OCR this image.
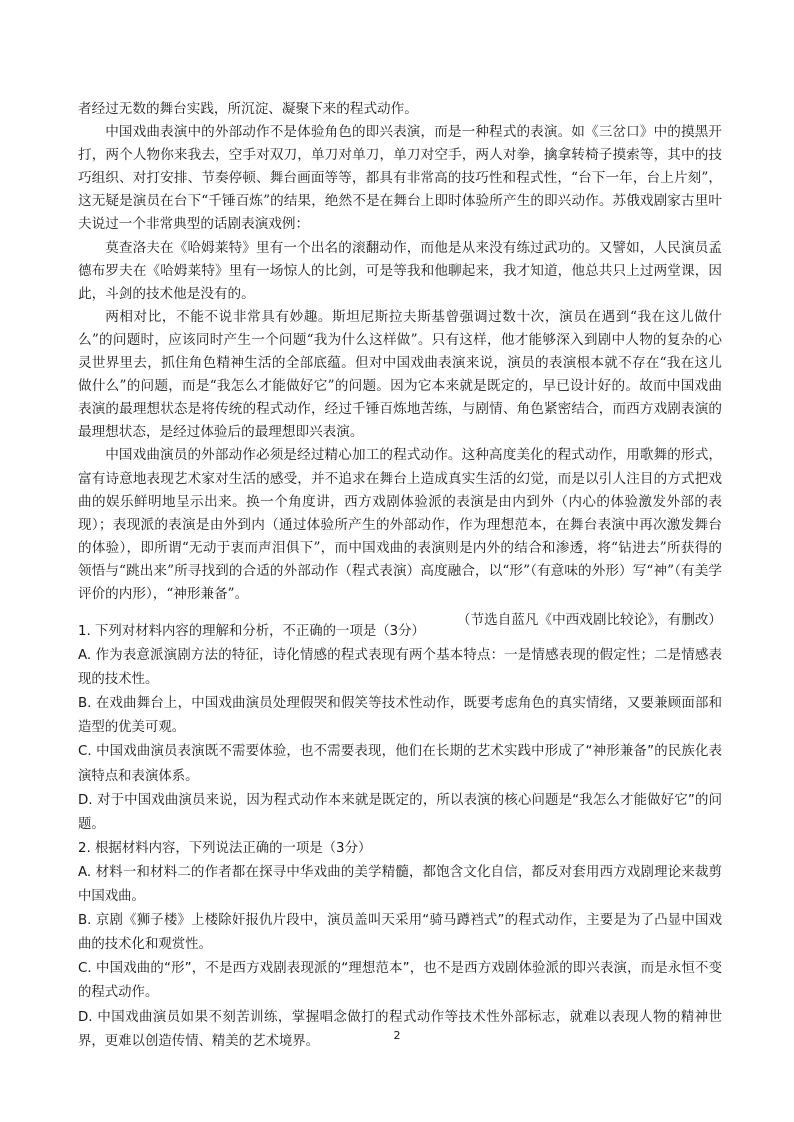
者经过无数的舞台实践，所沉淀、凝聚下来的程式动作。

中国戏曲表演中的外部动作不是体验角色的即兴表演，而是一种程式的表演。如《三岔口》中的摸黑开打，两个人物你来我去，空手对双刀，单刀对单刀，单刀对空手，两人对拳，擒拿转椅子摸索等，其中的技巧组织、对打安排、节奏停顿、舞台画面等等，都具有非常高的技巧性和程式性，“台下一年，台上片刻”，这无疑是演员在台下“千锤百炼”的结果，绝然不是在舞台上即时体验所产生的即兴动作。苏俄戏剧家古里叶夫说过一个非常典型的话剧表演戏例：

莫查洛夫在《哈姆莱特》里有一个出名的滚翻动作，而他是从来没有练过武功的。又譬如，人民演员孟德布罗夫在《哈姆莱特》里有一场惊人的比剑，可是等我和他聊起来，我才知道，他总共只上过两堂课，因此，斗剑的技术他是没有的。

两相对比，不能不说非常具有妙趣。斯坦尼斯拉夫斯基曾强调过数十次，演员在遇到“我在这儿做什么”的问题时，应该同时产生一个问题“我为什么这样做”。只有这样，他才能够深入到剧中人物的复杂的心灵世界里去，抓住角色精神生活的全部底蕴。但对中国戏曲表演来说，演员的表演根本就不存在“我在这儿做什么”的问题，而是“我怎么才能做好它”的问题。因为它本来就是既定的，早已设计好的。故而中国戏曲表演的最理想状态是将传统的程式动作，经过千锤百炼地苦练，与剧情、角色紧密结合，而西方戏剧表演的最理想状态，是经过体验后的最理想即兴表演。

中国戏曲演员的外部动作必须是经过精心加工的程式动作。这种高度美化的程式动作，用歌舞的形式，富有诗意地表现艺术家对生活的感受，并不追求在舞台上造成真实生活的幻觉，而是以引人注目的方式把戏曲的娱乐鲜明地呈示出来。换一个角度讲，西方戏剧体验派的表演是由内到外（内心的体验激发外部的表现）；表现派的表演是由外到内（通过体验所产生的外部动作，作为理想范本，在舞台表演中再次激发舞台的体验），即所谓“无动于衷而声泪俱下”，而中国戏曲的表演则是内外的结合和渗透，将“钻进去”所获得的领悟与“跳出来”所寻找到的合适的外部动作（程式表演）高度融合，以“形”（有意味的外形）写“神”（有美学评价的内形），“神形兼备”。

（节选自蓝凡《中西戏剧比较论》，有删改）

1. 下列对材料内容的理解和分析，不正确的一项是（3分）

A. 作为表意派演剧方法的特征，诗化情感的程式表现有两个基本特点：一是情感表现的假定性；二是情感表现的技术性。

B. 在戏曲舞台上，中国戏曲演员处理假哭和假笑等技术性动作，既要考虑角色的真实情绪，又要兼顾面部和造型的优美可观。

C. 中国戏曲演员表演既不需要体验，也不需要表现，他们在长期的艺术实践中形成了“神形兼备”的民族化表演特点和表演体系。

D. 对于中国戏曲演员来说，因为程式动作本来就是既定的，所以表演的核心问题是“我怎么才能做好它”的问题。

2. 根据材料内容，下列说法正确的一项是（3分）

A. 材料一和材料二的作者都在探寻中华戏曲的美学精髓，都饱含文化自信，都反对套用西方戏剧理论来裁剪中国戏曲。

B. 京剧《狮子楼》上楼除奸报仇片段中，演员盖叫天采用“骑马蹲裆式”的程式动作，主要是为了凸显中国戏曲的技术化和观赏性。

C. 中国戏曲的“形”，不是西方戏剧表现派的“理想范本”，也不是西方戏剧体验派的即兴表演，而是永恒不变的程式动作。

D. 中国戏曲演员如果不刻苦训练，掌握唱念做打的程式动作等技术性外部标志，就难以表现人物的精神世界，更难以创造传情、精美的艺术境界。	2
